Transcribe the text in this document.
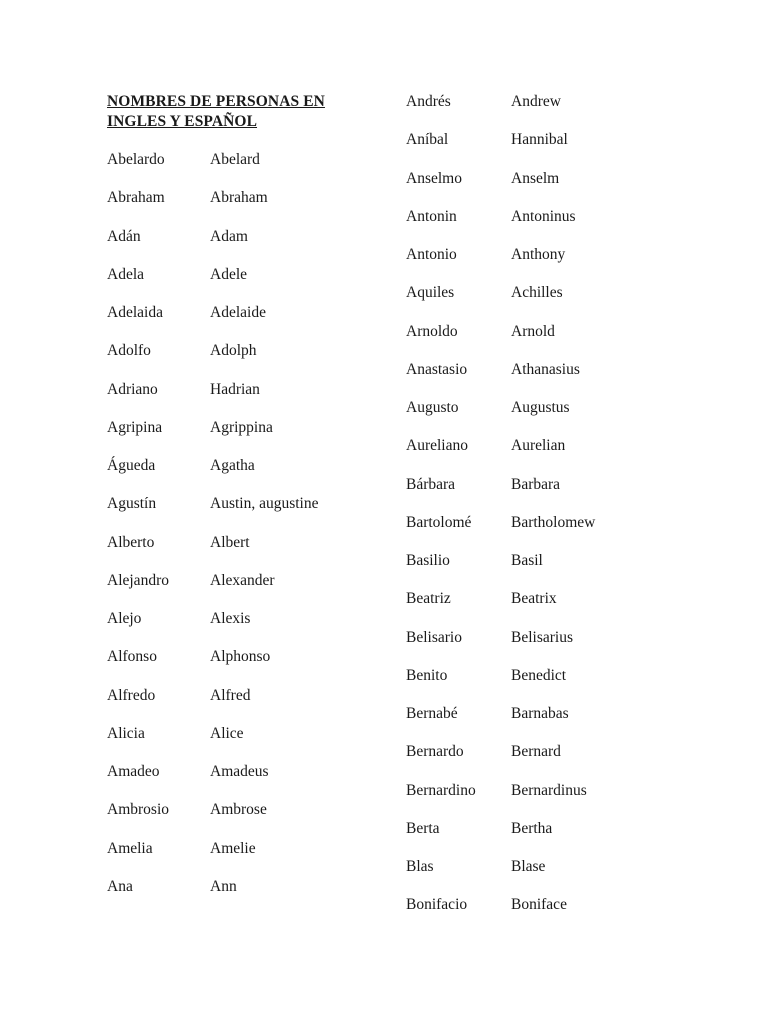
NOMBRES DE PERSONAS EN
INGLES Y ESPAÑOL
Abelardo	Abelard
Abraham	Abraham
Adán	Adam
Adela	Adele
Adelaida	Adelaide
Adolfo	Adolph
Adriano	Hadrian
Agripina	Agrippina
Águeda	Agatha
Agustín	Austin, augustine
Alberto	Albert
Alejandro	Alexander
Alejo	Alexis
Alfonso	Alphonso
Alfredo	Alfred
Alicia	Alice
Amadeo	Amadeus
Ambrosio	Ambrose
Amelia	Amelie
Ana	Ann
Andrés	Andrew
Aníbal	Hannibal
Anselmo	Anselm
Antonin	Antoninus
Antonio	Anthony
Aquiles	Achilles
Arnoldo	Arnold
Anastasio	Athanasius
Augusto	Augustus
Aureliano	Aurelian
Bárbara	Barbara
Bartolomé	Bartholomew
Basilio	Basil
Beatriz	Beatrix
Belisario	Belisarius
Benito	Benedict
Bernabé	Barnabas
Bernardo	Bernard
Bernardino Bernardinus
Berta	Bertha
Blas	Blase
Bonifacio	Boniface
